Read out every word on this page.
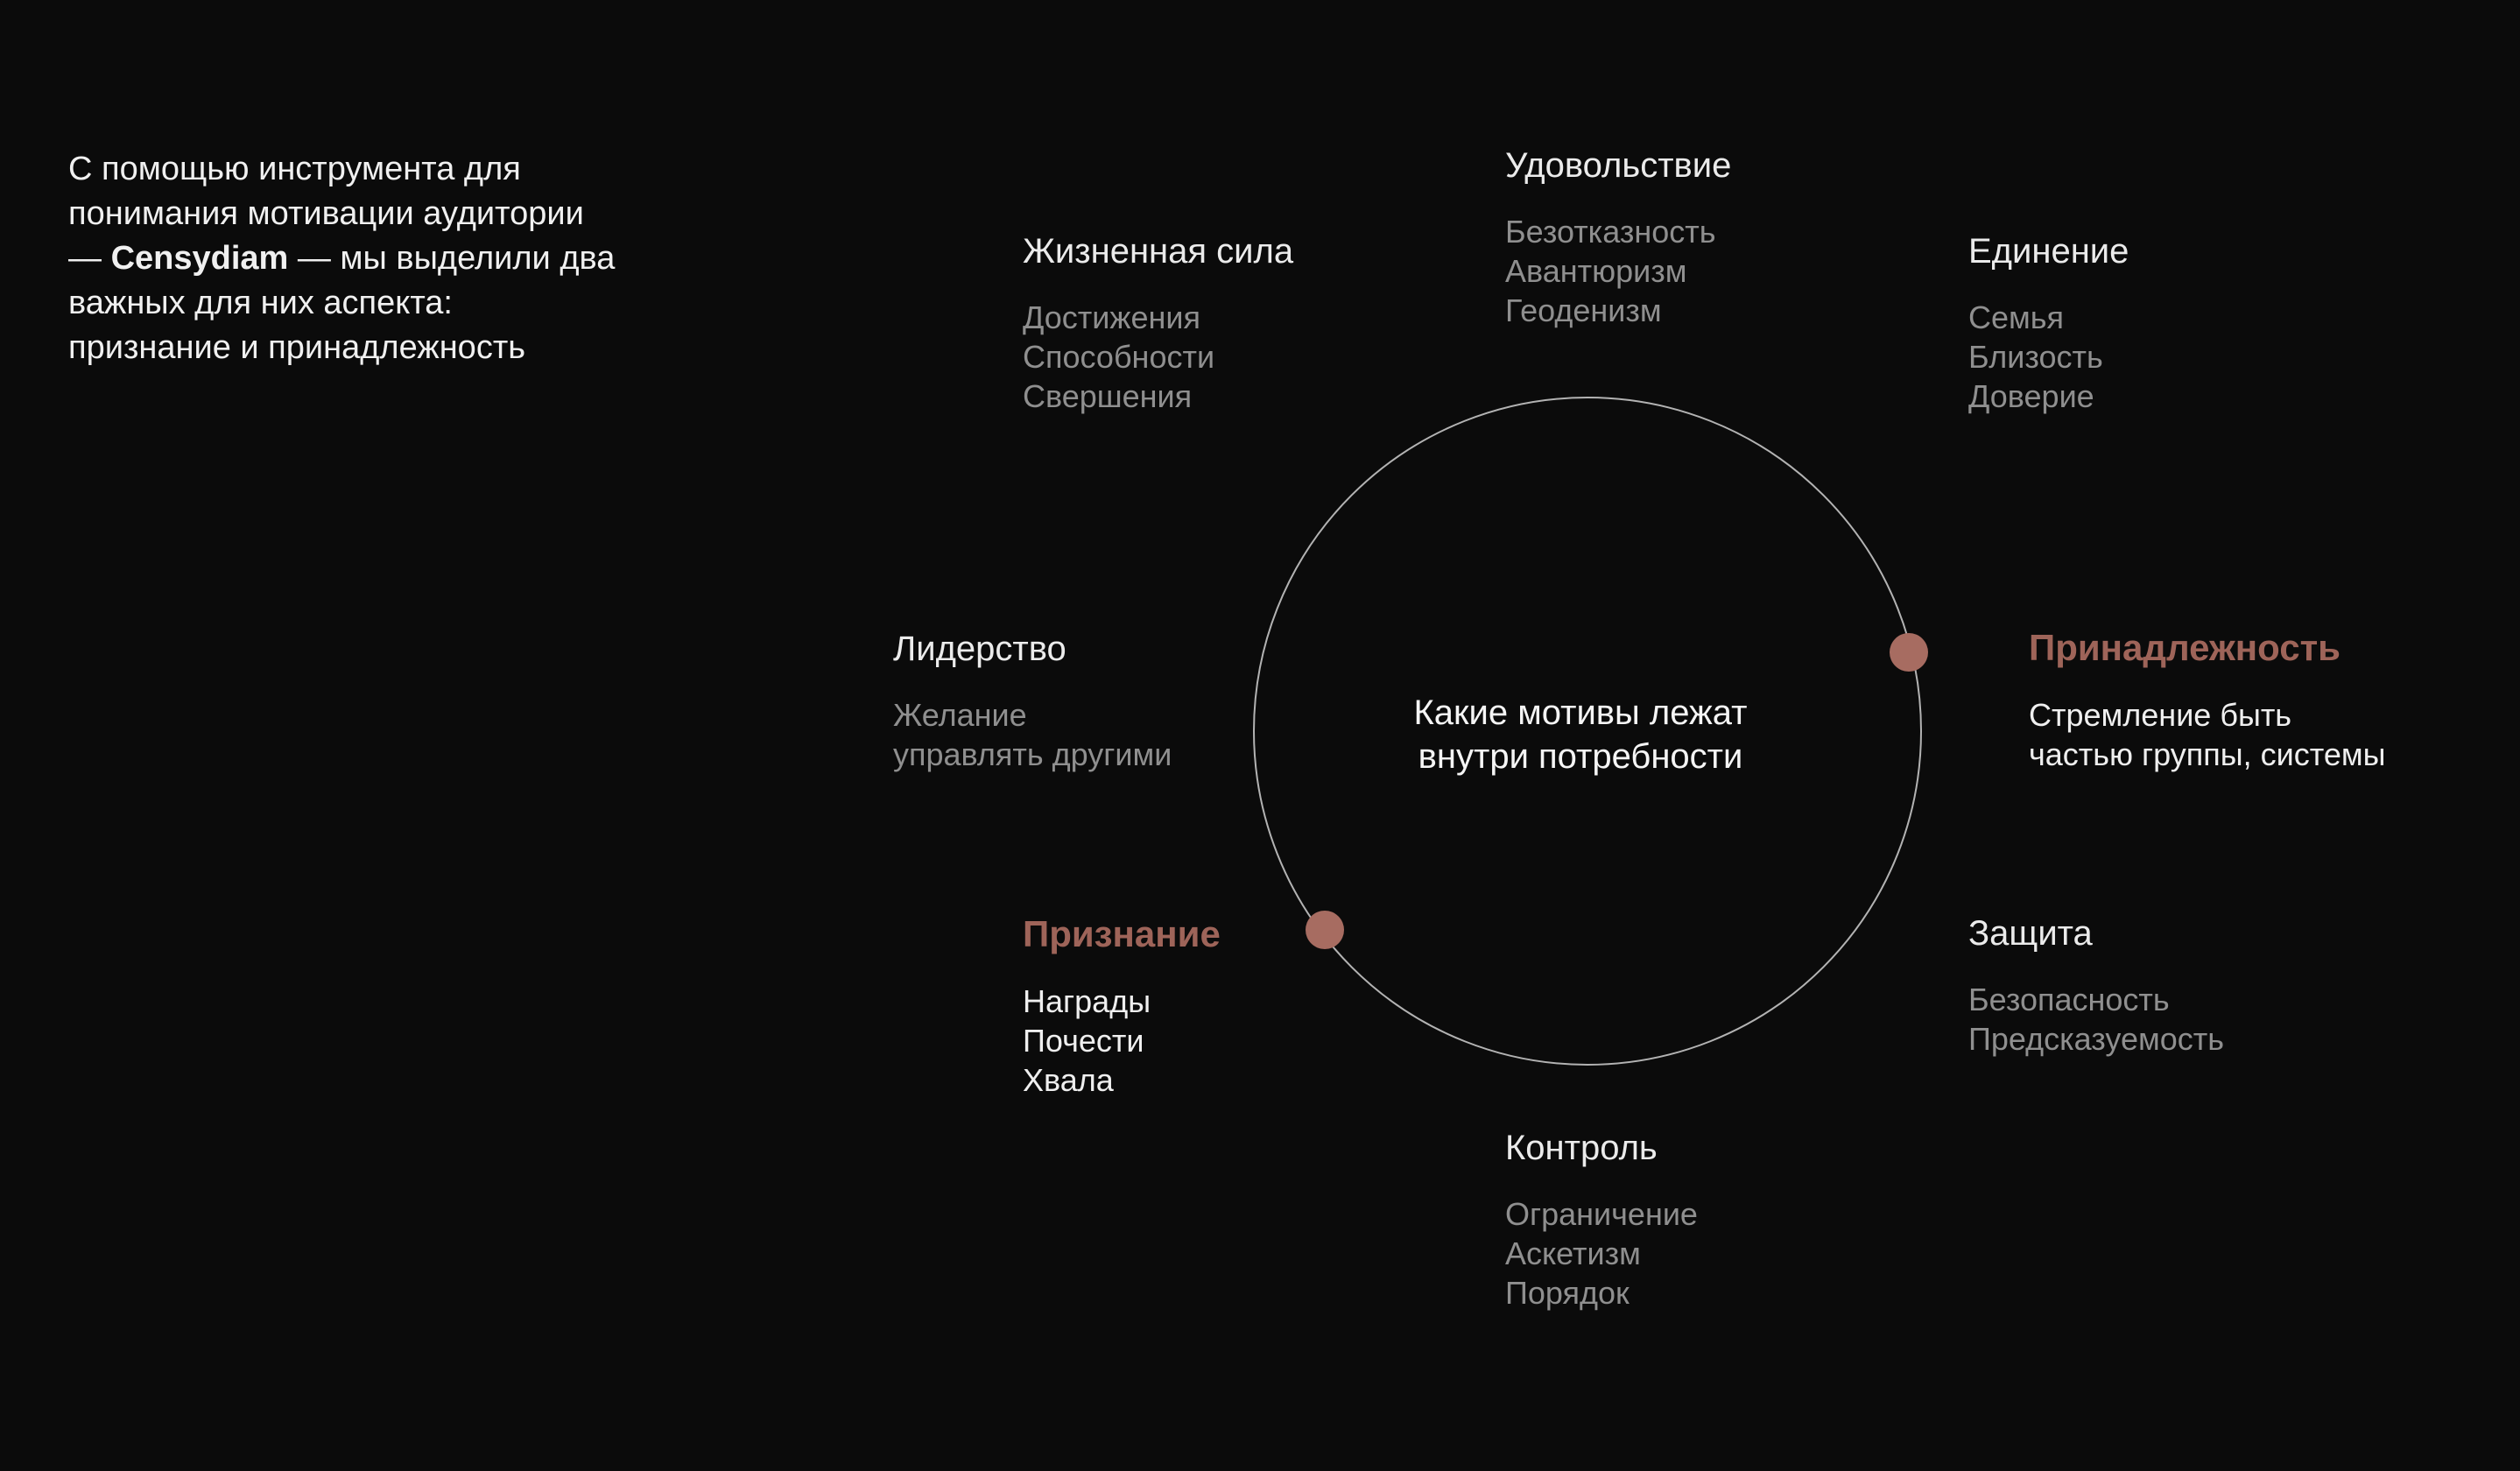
С помощью инструмента для
понимания мотивации аудитории
— Censydiam — мы выделили два
важных для них аспекта:
признание и принадлежность
Какие мотивы лежат
внутри потребности
Жизненная сила
Достижения
Способности
Свершения
Удовольствие
Безотказность
Авантюризм
Геоденизм
Единение
Семья
Близость
Доверие
Лидерство
Желание
управлять другими
Принадлежность
Стремление быть
частью группы, системы
Признание
Награды
Почести
Хвала
Защита
Безопасность
Предсказуемость
Контроль
Ограничение
Аскетизм
Порядок
